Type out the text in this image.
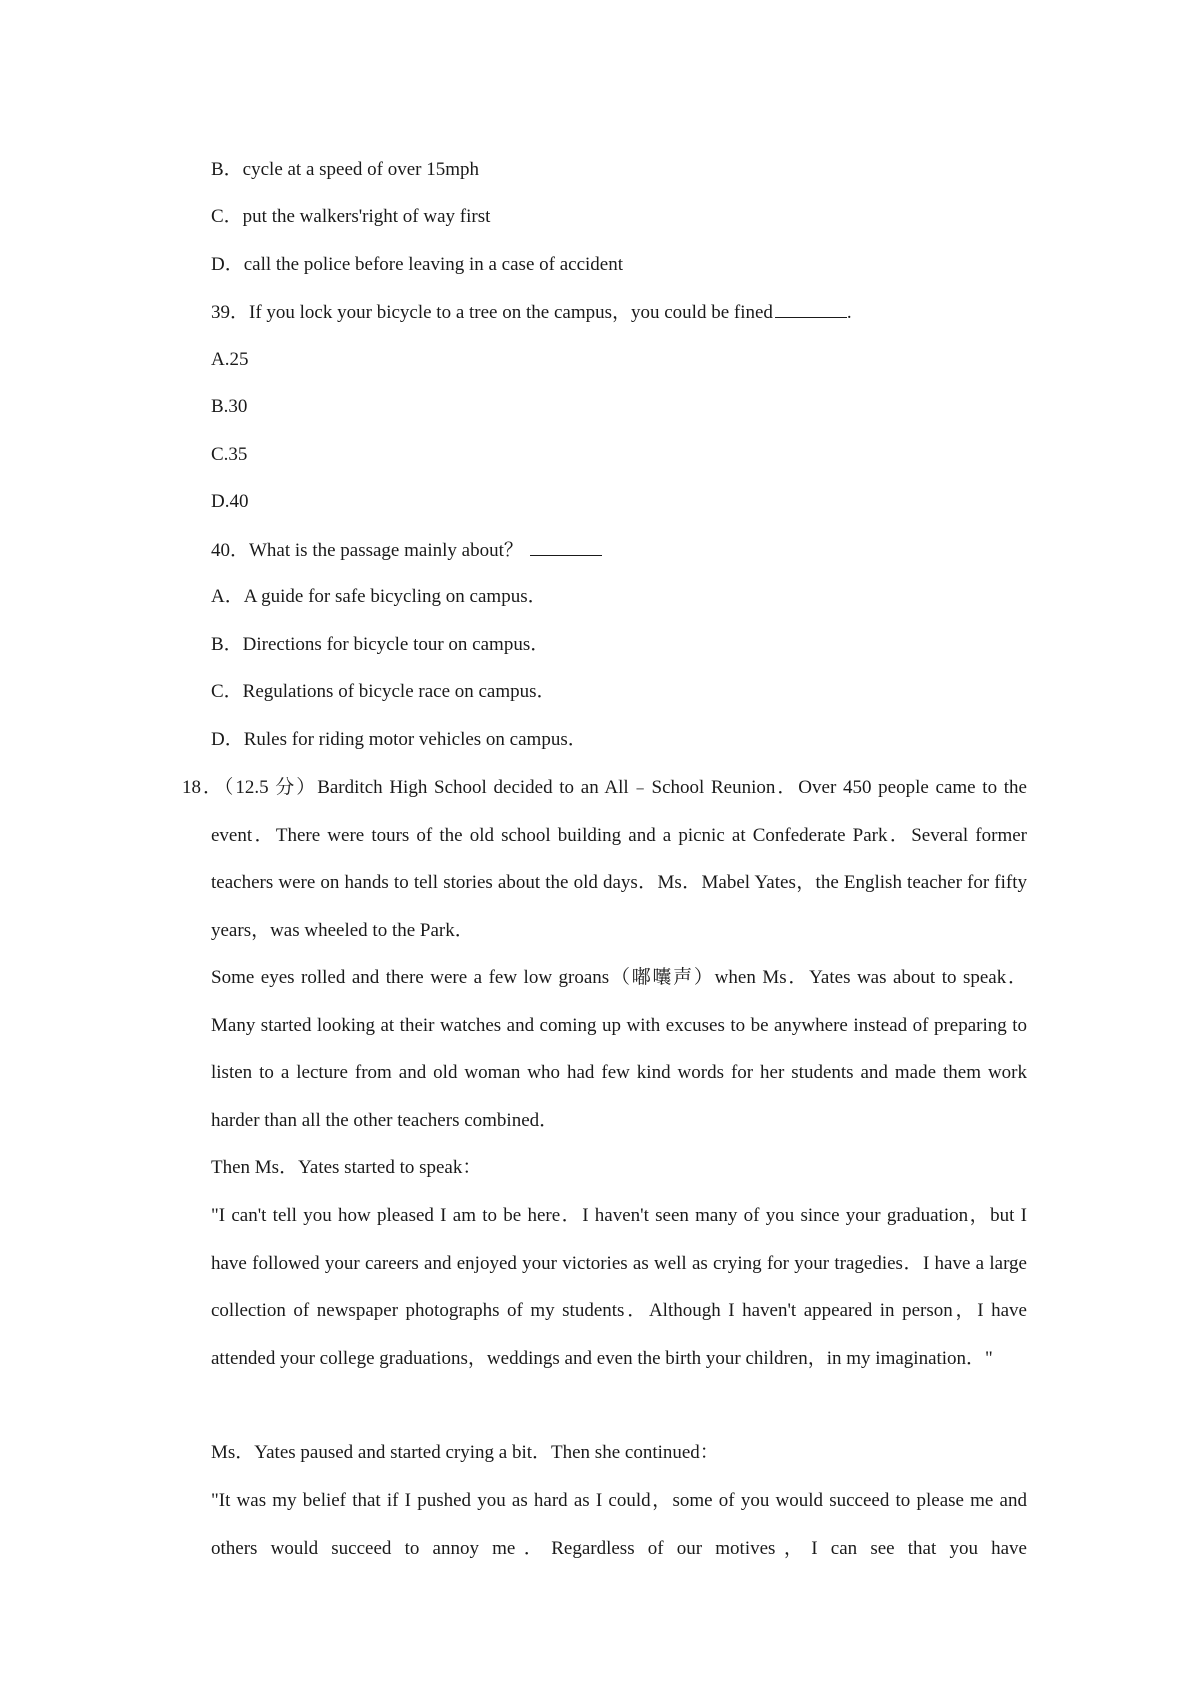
B．cycle at a speed of over 15mph
C．put the walkers'right of way first
D．call the police before leaving in a case of accident
39．If you lock your bicycle to a tree on the campus，you could be fined	.
A.25
B.30
C.35
D.40
40．What is the passage mainly about？
A．A guide for safe bicycling on campus．
B．Directions for bicycle tour on campus．
C．Regulations of bicycle race on campus．
D．Rules for riding motor vehicles on campus．
18．（12.5 分）Barditch High School decided to an All﹣School Reunion．Over 450 people came to the event．There were tours of the old school building and a picnic at Confederate Park．Several former teachers were on hands to tell stories about the old days．Ms．Mabel Yates，the English teacher for fifty years，was wheeled to the Park．
Some eyes rolled and there were a few low groans（嘟囔声）when Ms．Yates was about to speak．Many started looking at their watches and coming up with excuses to be anywhere instead of preparing to listen to a lecture from and old woman who had few kind words for her students and made them work harder than all the other teachers combined．
Then Ms．Yates started to speak：
"I can't tell you how pleased I am to be here．I haven't seen many of you since your graduation，but I have followed your careers and enjoyed your victories as well as crying for your tragedies．I have a large collection of newspaper photographs of my students．Although I haven't appeared in person，I have attended your college graduations，weddings and even the birth your children，in my imagination．"
Ms．Yates paused and started crying a bit．Then she continued：
"It was my belief that if I pushed you as hard as I could，some of you would succeed to please me and others would succeed to annoy me．Regardless of our motives，I can see that you have
